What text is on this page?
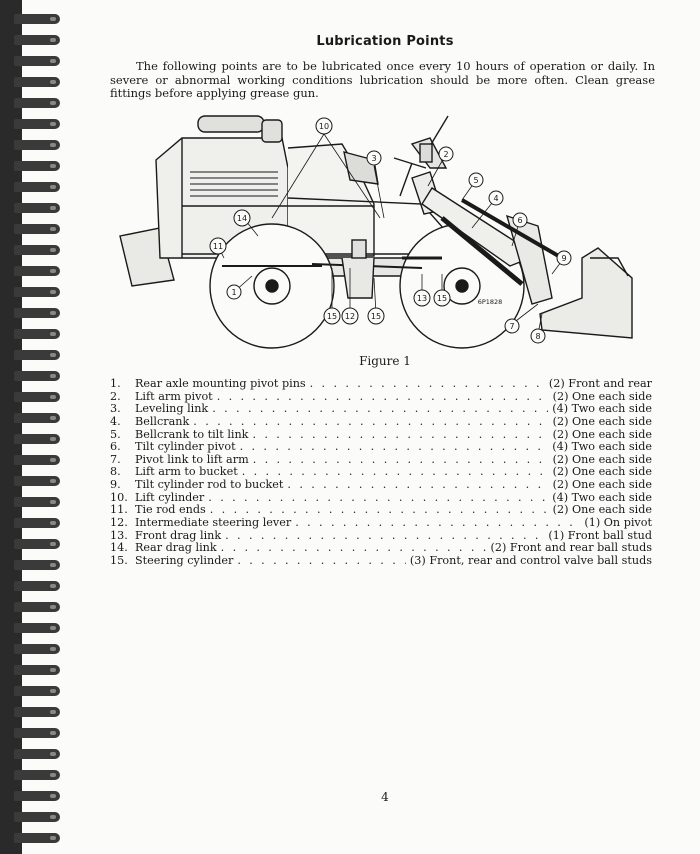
Lubrication Points
The following points are to be lubricated once every 10 hours of operation or daily. In severe or abnormal working conditions lubrication should be more often. Clean grease fittings before applying grease gun.
10
3	2
5
4
6
9
7
8
14
11
1
15 12 15
13 15	6P1828
Figure 1
1.	Rear axle mounting pivot pins . . .	(2) Front and rear
2.	Lift arm pivot . . .	(2) One each side
3.	Leveling link . . .	(4) Two each side
4.	Bellcrank . . .	(2) One each side
5.	Bellcrank to tilt link . . .	(2) One each side
6.	Tilt cylinder pivot . . .	(4) Two each side
7.	Pivot link to lift arm . . .	(2) One each side
8.	Lift arm to bucket . . .	(2) One each side
9.	Tilt cylinder rod to bucket . . .	(2) One each side
10. Lift cylinder . . .	(4) Two each side
11. Tie rod ends . . .	(2) One each side
12. Intermediate steering lever . . .	(1) On pivot
13. Front drag link . . .	(1) Front ball stud
14. Rear drag link . . .	(2) Front and rear ball studs
15. Steering cylinder . . .	(3) Front, rear and control valve ball studs
4
